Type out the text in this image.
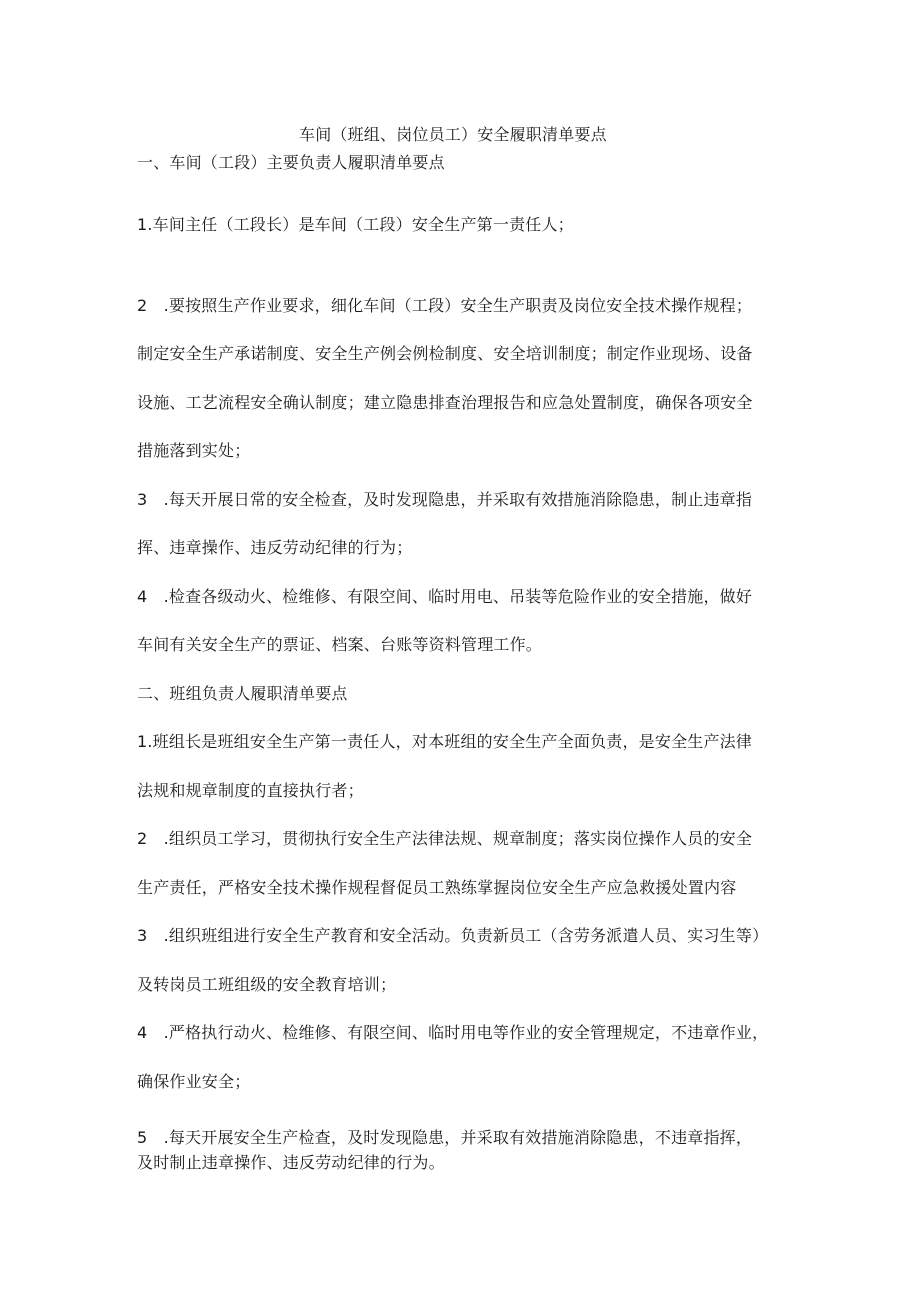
车间（班组、岗位员工）安全履职清单要点
一、车间（工段）主要负责人履职清单要点
1.车间主任（工段长）是车间（工段）安全生产第一责任人；
2　.要按照生产作业要求，细化车间（工段）安全生产职责及岗位安全技术操作规程；
制定安全生产承诺制度、安全生产例会例检制度、安全培训制度；制定作业现场、设备
设施、工艺流程安全确认制度；建立隐患排查治理报告和应急处置制度，确保各项安全
措施落到实处；
3　.每天开展日常的安全检查，及时发现隐患，并采取有效措施消除隐患，制止违章指
挥、违章操作、违反劳动纪律的行为；
4　.检查各级动火、检维修、有限空间、临时用电、吊装等危险作业的安全措施，做好
车间有关安全生产的票证、档案、台账等资料管理工作。
二、班组负责人履职清单要点
1.班组长是班组安全生产第一责任人，对本班组的安全生产全面负责，是安全生产法律
法规和规章制度的直接执行者；
2　.组织员工学习，贯彻执行安全生产法律法规、规章制度；落实岗位操作人员的安全
生产责任，严格安全技术操作规程督促员工熟练掌握岗位安全生产应急救援处置内容
3　.组织班组进行安全生产教育和安全活动。负责新员工（含劳务派遣人员、实习生等）
及转岗员工班组级的安全教育培训；
4　.严格执行动火、检维修、有限空间、临时用电等作业的安全管理规定，不违章作业，
确保作业安全；
5　.每天开展安全生产检查，及时发现隐患，并采取有效措施消除隐患，不违章指挥，
及时制止违章操作、违反劳动纪律的行为。
